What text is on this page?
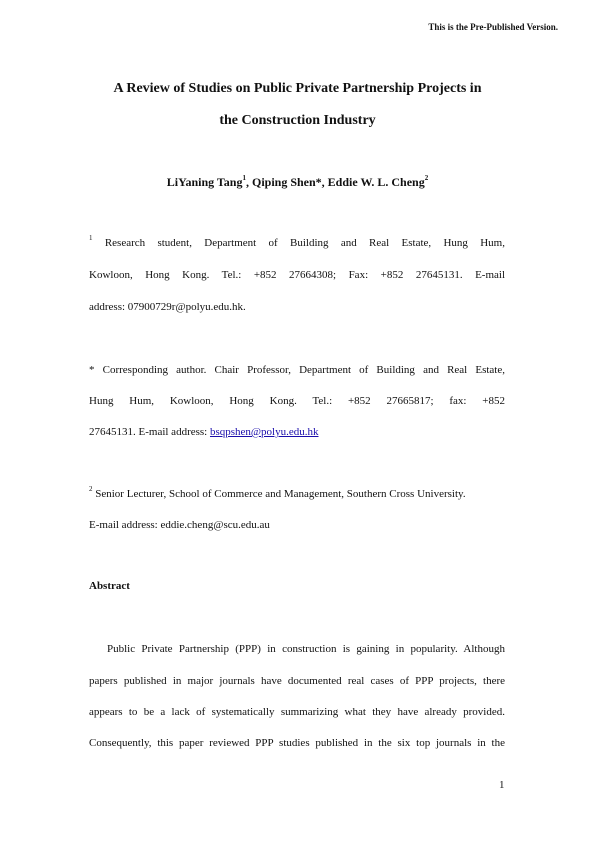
This is the Pre-Published Version.
A Review of Studies on Public Private Partnership Projects in
the Construction Industry
LiYaning Tang$^1$, Qiping Shen*, Eddie W. L. Cheng$^2$
$^1$ Research student, Department of Building and Real Estate, Hung Hum,
Kowloon, Hong Kong. Tel.: +852 27664308; Fax: +852 27645131. E-mail
address: 07900729r@polyu.edu.hk.
* Corresponding author. Chair Professor, Department of Building and Real Estate,
Hung Hum, Kowloon, Hong Kong. Tel.: +852 27665817; fax: +852
27645131. E-mail address: bsqpshen@polyu.edu.hk
$^2$ Senior Lecturer, School of Commerce and Management, Southern Cross University.
E-mail address: eddie.cheng@scu.edu.au
Abstract
Public Private Partnership (PPP) in construction is gaining in popularity. Although
papers published in major journals have documented real cases of PPP projects, there
appears to be a lack of systematically summarizing what they have already provided.
Consequently, this paper reviewed PPP studies published in the six top journals in the
1
